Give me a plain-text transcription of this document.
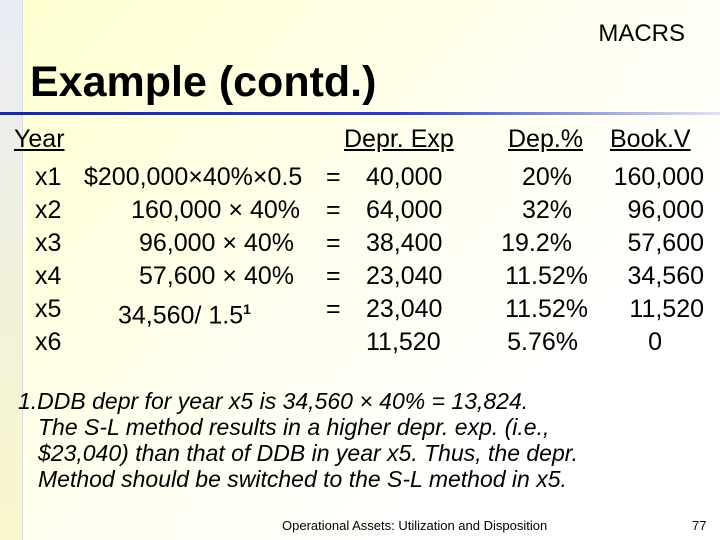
MACRS
Example (contd.)
Year	Depr. Exp	Dep.% Book.V
x1 $200,000×40%×0.5 = 40,000	20%	160,000
x2	160,000 × 40% = 64,000	32%	96,000
x3	96,000 × 40% = 38,400	19.2%	57,600
x4	57,600 × 40% = 23,040	11.52%	34,560
x5 34,560/ $1.5^1$	= 23,040	11.52%	11,520
x6	11,520	5.76%	0
1.DDB depr for year x5 is 34,560 × 40% = 13,824.
The S-L method results in a higher depr. exp. (i.e.,
$23,040) than that of DDB in year x5. Thus, the depr.
Method should be switched to the S-L method in x5.
Operational Assets: Utilization and Disposition	77
